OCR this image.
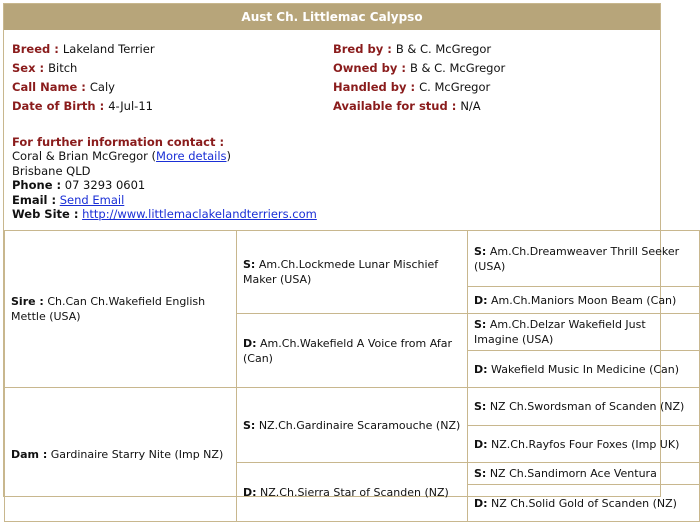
Aust Ch. Littlemac Calypso
Breed : Lakeland Terrier
Sex : Bitch
Call Name : Caly
Date of Birth : 4-Jul-11
Bred by : B & C. McGregor
Owned by : B & C. McGregor
Handled by : C. McGregor
Available for stud : N/A
For further information contact :
Coral & Brian McGregor (More details)
Brisbane QLD
Phone : 07 3293 0601
Email : Send Email
Web Site : http://www.littlemaclakelandterriers.com
Sire : Ch.Can Ch.Wakefield English Mettle (USA)	S: Am.Ch.Lockmede Lunar Mischief Maker (USA)	S: Am.Ch.Dreamweaver Thrill Seeker (USA)
		D: Am.Ch.Maniors Moon Beam (Can)
	D: Am.Ch.Wakefield A Voice from Afar (Can)	S: Am.Ch.Delzar Wakefield Just Imagine (USA)
		D: Wakefield Music In Medicine (Can)
Dam : Gardinaire Starry Nite (Imp NZ)	S: NZ.Ch.Gardinaire Scaramouche (NZ)	S: NZ Ch.Swordsman of Scanden (NZ)
		D: NZ.Ch.Rayfos Four Foxes (Imp UK)
	D: NZ.Ch.Sierra Star of Scanden (NZ)	S: NZ Ch.Sandimorn Ace Ventura
		D: NZ Ch.Solid Gold of Scanden (NZ)
